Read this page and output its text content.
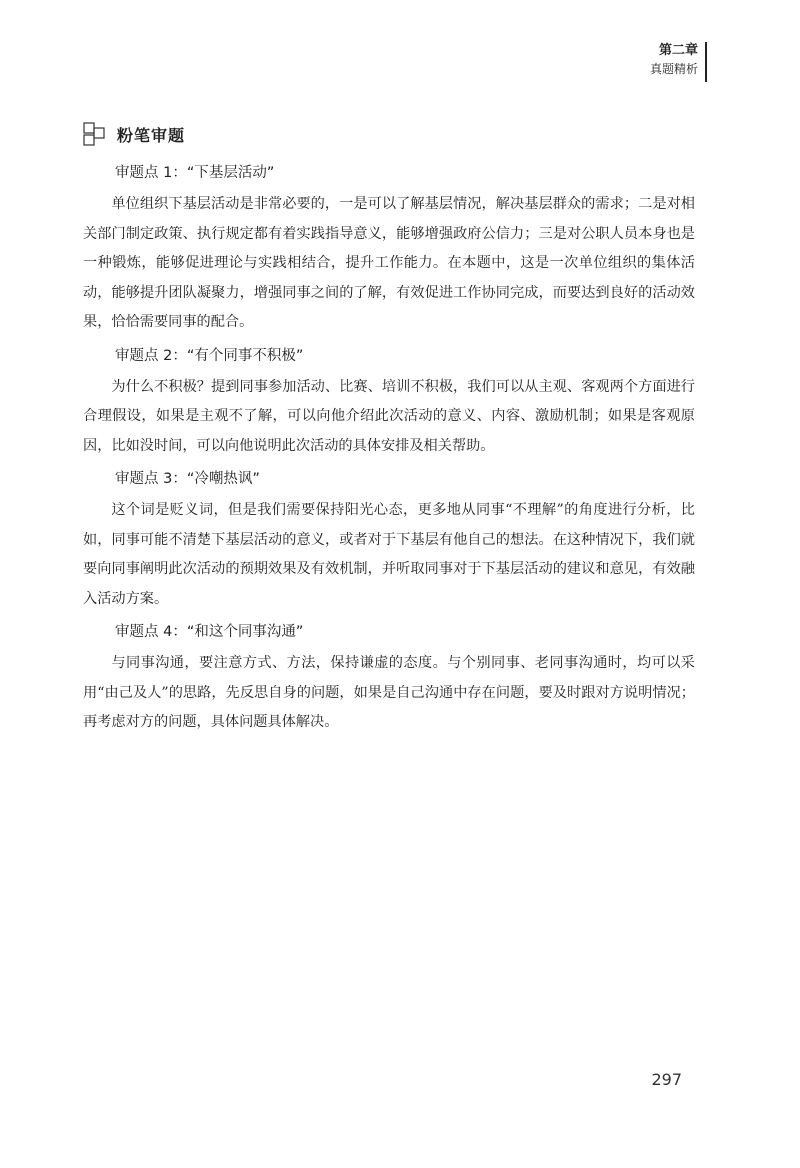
第二章
真题精析
粉笔审题
审题点 1：“下基层活动”

单位组织下基层活动是非常必要的，一是可以了解基层情况，解决基层群众的需求；二是对相关部门制定政策、执行规定都有着实践指导意义，能够增强政府公信力；三是对公职人员本身也是一种锻炼，能够促进理论与实践相结合，提升工作能力。在本题中，这是一次单位组织的集体活动，能够提升团队凝聚力，增强同事之间的了解，有效促进工作协同完成，而要达到良好的活动效果，恰恰需要同事的配合。

审题点 2：“有个同事不积极”

为什么不积极？提到同事参加活动、比赛、培训不积极，我们可以从主观、客观两个方面进行合理假设，如果是主观不了解，可以向他介绍此次活动的意义、内容、激励机制；如果是客观原因，比如没时间，可以向他说明此次活动的具体安排及相关帮助。

审题点 3：“冷嘲热讽”

这个词是贬义词，但是我们需要保持阳光心态，更多地从同事“不理解”的角度进行分析，比如，同事可能不清楚下基层活动的意义，或者对于下基层有他自己的想法。在这种情况下，我们就要向同事阐明此次活动的预期效果及有效机制，并听取同事对于下基层活动的建议和意见，有效融入活动方案。

审题点 4：“和这个同事沟通”

与同事沟通，要注意方式、方法，保持谦虚的态度。与个别同事、老同事沟通时，均可以采用“由己及人”的思路，先反思自身的问题，如果是自己沟通中存在问题，要及时跟对方说明情况；再考虑对方的问题，具体问题具体解决。

297
